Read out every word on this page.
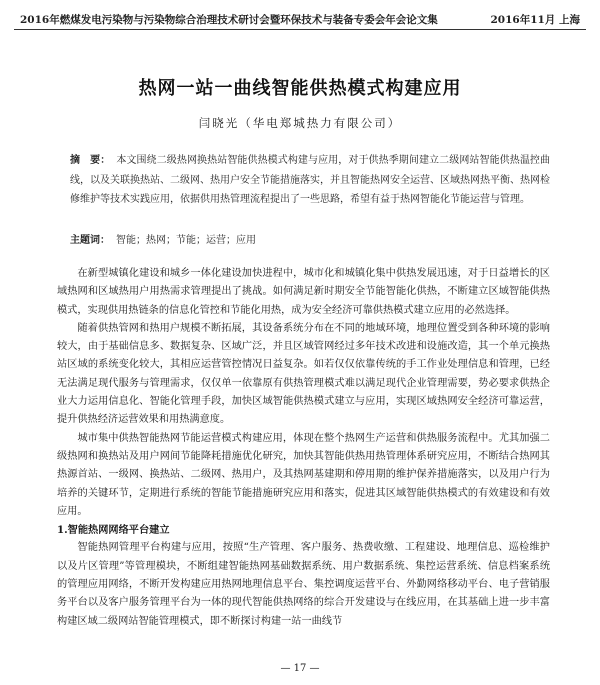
2016年燃煤发电污染物与污染物综合治理技术研讨会暨环保技术与装备专委会年会论文集	2016年11月 上海
热网一站一曲线智能供热模式构建应用
闫晓光（华电郑城热力有限公司）
摘　要： 本文围绕二级热网换热站智能供热模式构建与应用，对于供热季期间建立二级网站智能供热温控曲线，以及关联换热站、二级网、热用户安全节能措施落实，并且智能热网安全运营、区域热网热平衡、热网检修维护等技术实践应用，依据供用热管理流程提出了一些思路，希望有益于热网智能化节能运营与管理。
主题词： 智能；热网；节能；运营；应用

在新型城镇化建设和城乡一体化建设加快进程中，城市化和城镇化集中供热发展迅速，对于日益增长的区域热网和区域热用户用热需求管理提出了挑战。如何满足新时期安全节能智能化供热，不断建立区域智能供热模式，实现供用热链条的信息化管控和节能化用热，成为安全经济可靠供热模式建立应用的必然选择。

随着供热管网和热用户规模不断拓展，其设备系统分布在不同的地域环境，地理位置受到各种环境的影响较大，由于基础信息多、数据复杂、区域广泛，并且区域管网经过多年技术改进和设施改造，其一个单元换热站区域的系统变化较大，其相应运营管控情况日益复杂。如若仅仅依靠传统的手工作业处理信息和管理，已经无法满足现代服务与管理需求，仅仅单一依靠原有供热管理模式难以满足现代企业管理需要，势必要求供热企业大力运用信息化、智能化管理手段，加快区域智能供热模式建立与应用，实现区域热网安全经济可靠运营，提升供热经济运营效果和用热满意度。

城市集中供热智能热网节能运营模式构建应用，体现在整个热网生产运营和供热服务流程中。尤其加强二级热网和换热站及用户网间节能降耗措施优化研究，加快其智能供热用热管理体系研究应用，不断结合热网其热源首站、一级网、换热站、二级网、热用户，及其热网基建期和停用期的维护保养措施落实，以及用户行为培养的关键环节，定期进行系统的智能节能措施研究应用和落实，促进其区域智能供热模式的有效建设和有效应用。

1.智能热网网络平台建立

智能热网管理平台构建与应用，按照“生产管理、客户服务、热费收缴、工程建设、地理信息、巡检维护以及片区管理”等管理模块，不断组建智能热网基础数据系统、用户数据系统、集控运营系统、信息档案系统的管理应用网络，不断开发构建应用热网地理信息平台、集控调度运营平台、外勤网络移动平台、电子营销服务平台以及客户服务管理平台为一体的现代智能供热网络的综合开发建设与在线应用，在其基础上进一步丰富构建区域二级网站智能管理模式，即不断探讨构建一站一曲线节

— 17 —
